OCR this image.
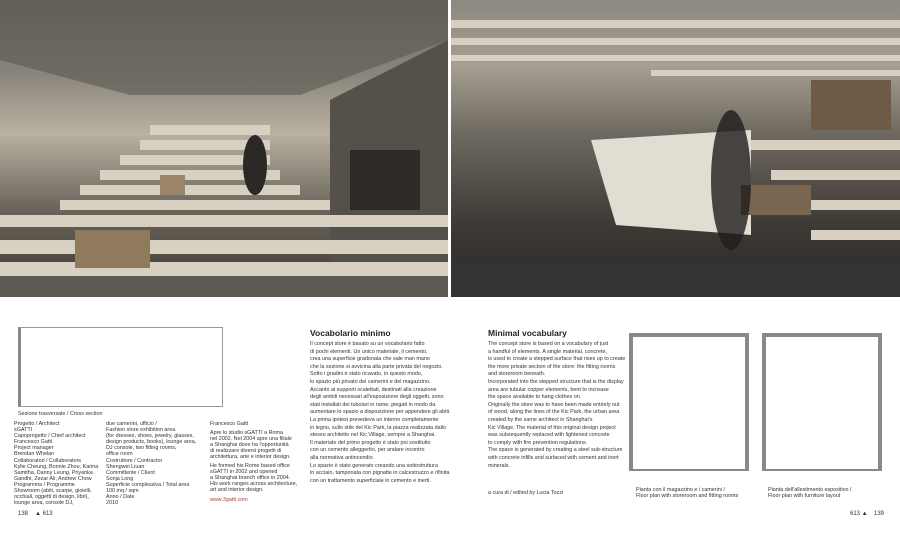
Sezione trasversale / Cross section
Progetto / Architect
sGATTI
Capoprogetto / Chief architect
Francesco Gatti
Project manager
Brendan Whelan
Collaboratori / Collaborators
Kylie Cheung, Bonnie Zhou, Karina
Samitha, Danny Leung, Priyanka
Gandhi, Zezar Ali, Andrew Chow
Programma / Programme
Showroom (abiti, scarpe, gioielli,
occhiali, oggetti di design, libri),
lounge area, console DJ,
due camerini, ufficio /
Fashion store exhibition area
(for dresses, shoes, jewelry, glasses,
design products, books), lounge area,
DJ console, two fitting rooms,
office room
Costruttore / Contractor
Shengwei Liuan
Committente / Client
Sonja Long
Superficie complessiva / Total area
100 mq / sqm
Anno / Date
2010
Francesco Gatti
Apre lo studio sGATTI a Roma
nel 2002. Nel 2004 apre una filiale
a Shanghai dove ha l'opportunità
di realizzare diversi progetti di
architettura, arte e interior design.
He formed his Rome based office
sGATTI in 2002 and opened
a Shanghai branch office in 2004.
His work ranges across architecture,
art and interior design.
www.3gatti.com
138 ▲ 613
Vocabolario minimo
Il concept store è basato su un vocabolario fatto
di pochi elementi. Un unico materiale, il cemento,
crea una superficie gradonata che sale man mano
che la sezione si avvicina alla parte privata del negozio.
Sotto i gradini è stato ricavato, in questo modo,
lo spazio più privato dei camerini e del magazzino.
Accanto ai supporti scalettati, destinati alla creazione
degli ambiti necessari all'esposizione degli oggetti, sono
stati installati dei tubolari in rame, piegati in modo da
aumentare lo spazio a disposizione per appendere gli abiti.
La prima ipotesi prevedeva un interno completamente
in legno, sullo stile del Kic Park, la piazza realizzata dallo
stesso architetto nel Kic Village, sempre a Shanghai.
Il materiale del primo progetto è stato poi sostituito
con un cemento alleggerito, per andare incontro
alla normativa antincendio.
Lo spazio è stato generato creando una sottostruttura
in acciaio, tamponata con pignatte in calcestruzzo e rifinita
con un trattamento superficiale in cemento e inerti.
Minimal vocabulary
The concept store is based on a vocabulary of just
a handful of elements. A single material, concrete,
is used to create a stepped surface that rises up to create
the more private section of the store: the fitting rooms
and storeroom beneath.
Incorporated into the stepped structure that is the display
area are tubular copper elements, bent to increase
the space available to hang clothes on.
Originally the store was to have been made entirely out
of wood, along the lines of the Kic Park, the urban area
created by the same architect in Shanghai's
Kic Village. The material of this original design project
was subsequently replaced with lightened concrete
to comply with fire prevention regulations.
The space is generated by creating a steel sub-structure
with concrete infills and surfaced with cement and inert
minerals.
a cura di / edited by Lucia Tozzi	Pianta con il magazzino e i camerini /
Floor plan with storeroom and fitting rooms
Pianta dell'allestimento espositivo /
Floor plan with furniture layout
613 ▲ 139
